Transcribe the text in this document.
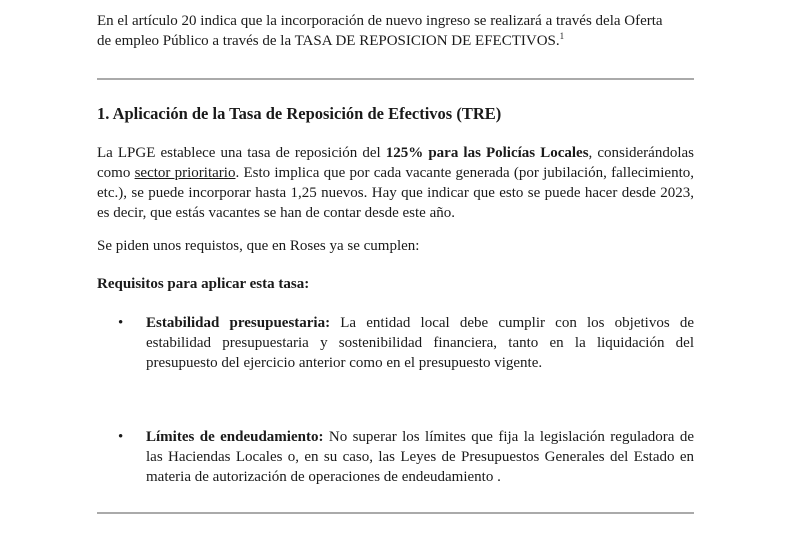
En el artículo 20 indica que la incorporación de nuevo ingreso se realizará a través dela Oferta
de empleo Público a través de la TASA DE REPOSICION DE EFECTIVOS.$^1$
1. Aplicación de la Tasa de Reposición de Efectivos (TRE)
La LPGE establece una tasa de reposición del 125% para las Policías Locales, considerándolas como sector prioritario. Esto implica que por cada vacante generada (por jubilación, fallecimiento, etc.), se puede incorporar hasta 1,25 nuevos. Hay que indicar que esto se puede hacer desde 2023, es decir, que estás vacantes se han de contar desde este año.
Se piden unos requistos, que en Roses ya se cumplen:
Requisitos para aplicar esta tasa:
• Estabilidad presupuestaria: La entidad local debe cumplir con los objetivos de estabilidad presupuestaria y sostenibilidad financiera, tanto en la liquidación del presupuesto del ejercicio anterior como en el presupuesto vigente.
• Límites de endeudamiento: No superar los límites que fija la legislación reguladora de las Haciendas Locales o, en su caso, las Leyes de Presupuestos Generales del Estado en materia de autorización de operaciones de endeudamiento .
